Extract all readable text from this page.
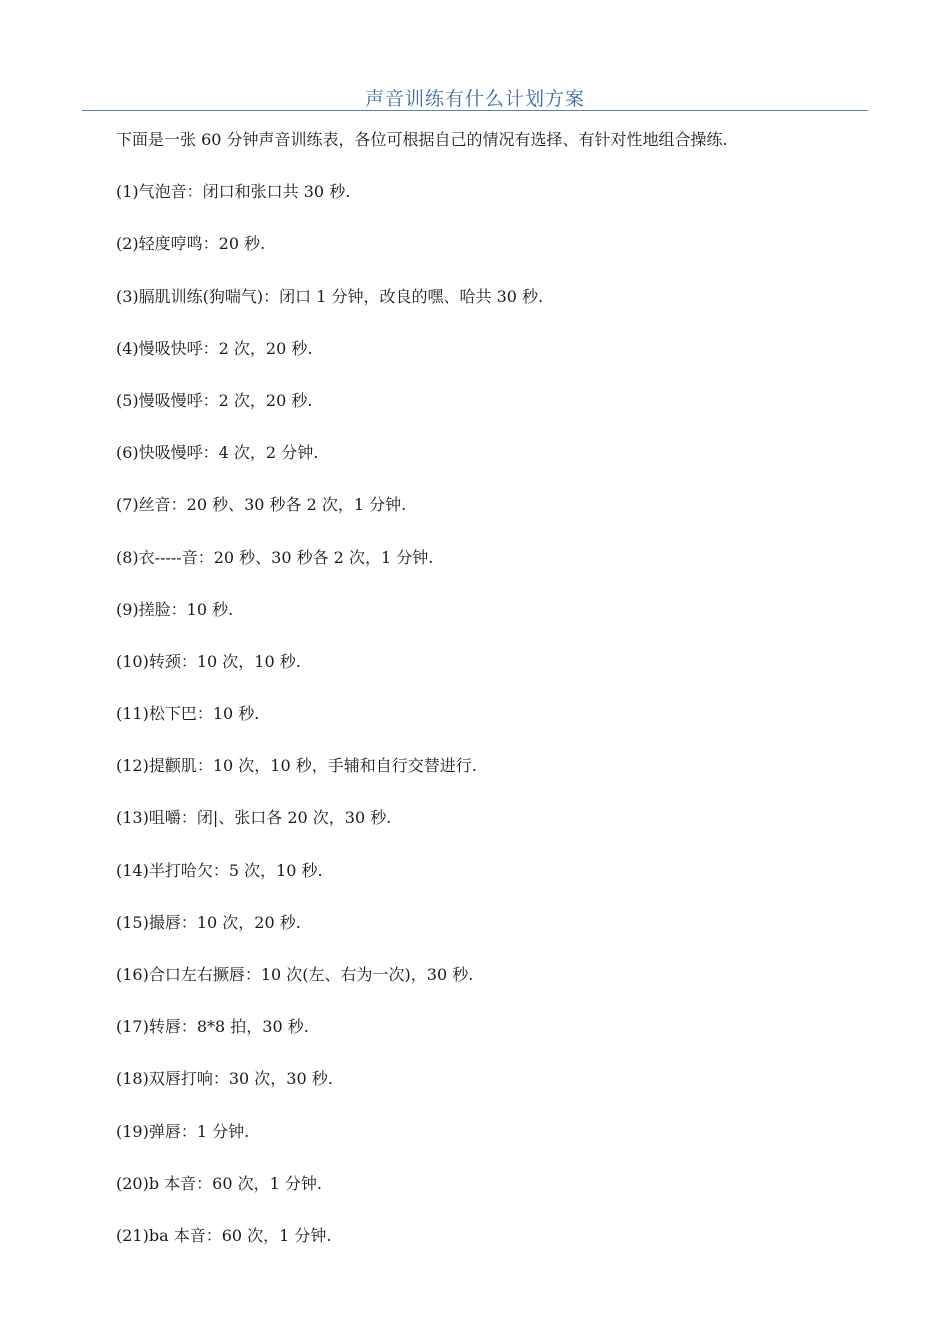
声音训练有什么计划方案

下面是一张 60 分钟声音训练表，各位可根据自己的情况有选择、有针对性地组合操练.

(1)气泡音：闭口和张口共 30 秒.

(2)轻度哼鸣：20 秒.

(3)膈肌训练(狗喘气)：闭口 1 分钟，改良的嘿、哈共 30 秒.

(4)慢吸快呼：2 次，20 秒.

(5)慢吸慢呼：2 次，20 秒.

(6)快吸慢呼：4 次，2 分钟.

(7)丝音：20 秒、30 秒各 2 次，1 分钟.

(8)衣-----音：20 秒、30 秒各 2 次，1 分钟.

(9)搓脸：10 秒.

(10)转颈：10 次，10 秒.

(11)松下巴：10 秒.

(12)提颧肌：10 次，10 秒，手辅和自行交替进行.

(13)咀嚼：闭|、张口各 20 次，30 秒.

(14)半打哈欠：5 次，10 秒.

(15)撮唇：10 次，20 秒.

(16)合口左右撅唇：10 次(左、右为一次)，30 秒.

(17)转唇：8*8 拍，30 秒.

(18)双唇打响：30 次，30 秒.

(19)弹唇：1 分钟.

(20)b 本音：60 次，1 分钟.

(21)ba 本音：60 次，1 分钟.
